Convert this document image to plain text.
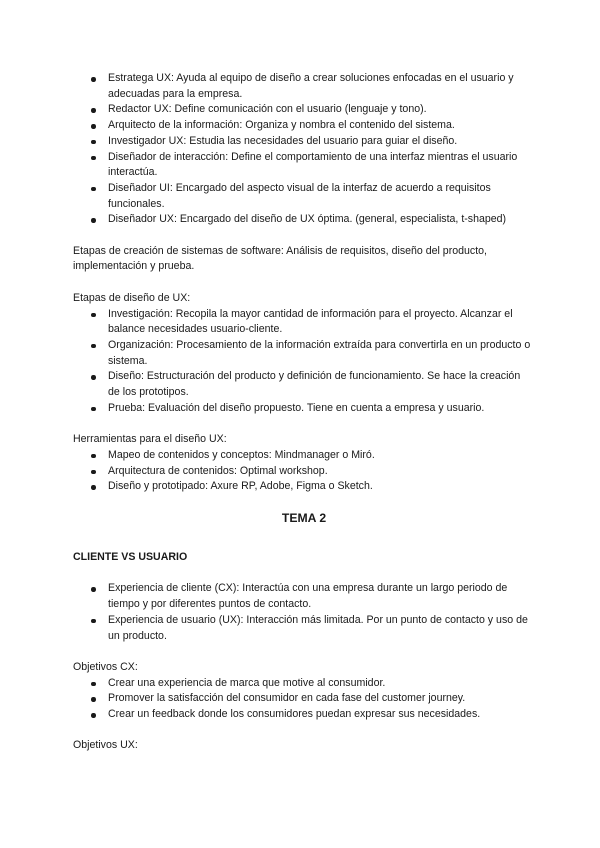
Estratega UX: Ayuda al equipo de diseño a crear soluciones enfocadas en el usuario y adecuadas para la empresa.
Redactor UX: Define comunicación con el usuario (lenguaje y tono).
Arquitecto de la información: Organiza y nombra el contenido del sistema.
Investigador UX: Estudia las necesidades del usuario para guiar el diseño.
Diseñador de interacción: Define el comportamiento de una interfaz mientras el usuario interactúa.
Diseñador UI: Encargado del aspecto visual de la interfaz de acuerdo a requisitos funcionales.
Diseñador UX: Encargado del diseño de UX óptima. (general, especialista, t-shaped)

Etapas de creación de sistemas de software: Análisis de requisitos, diseño del producto, implementación y prueba.

Etapas de diseño de UX:

Investigación: Recopila la mayor cantidad de información para el proyecto. Alcanzar el balance necesidades usuario-cliente.
Organización: Procesamiento de la información extraída para convertirla en un producto o sistema.
Diseño: Estructuración del producto y definición de funcionamiento. Se hace la creación de los prototipos.
Prueba: Evaluación del diseño propuesto. Tiene en cuenta a empresa y usuario.

Herramientas para el diseño UX:

Mapeo de contenidos y conceptos: Mindmanager o Miró.
Arquitectura de contenidos: Optimal workshop.
Diseño y prototipado: Axure RP, Adobe, Figma o Sketch.

TEMA 2

CLIENTE VS USUARIO

Experiencia de cliente (CX): Interactúa con una empresa durante un largo periodo de tiempo y por diferentes puntos de contacto.
Experiencia de usuario (UX): Interacción más limitada. Por un punto de contacto y uso de un producto.

Objetivos CX:

Crear una experiencia de marca que motive al consumidor.
Promover la satisfacción del consumidor en cada fase del customer journey.
Crear un feedback donde los consumidores puedan expresar sus necesidades.

Objetivos UX:
